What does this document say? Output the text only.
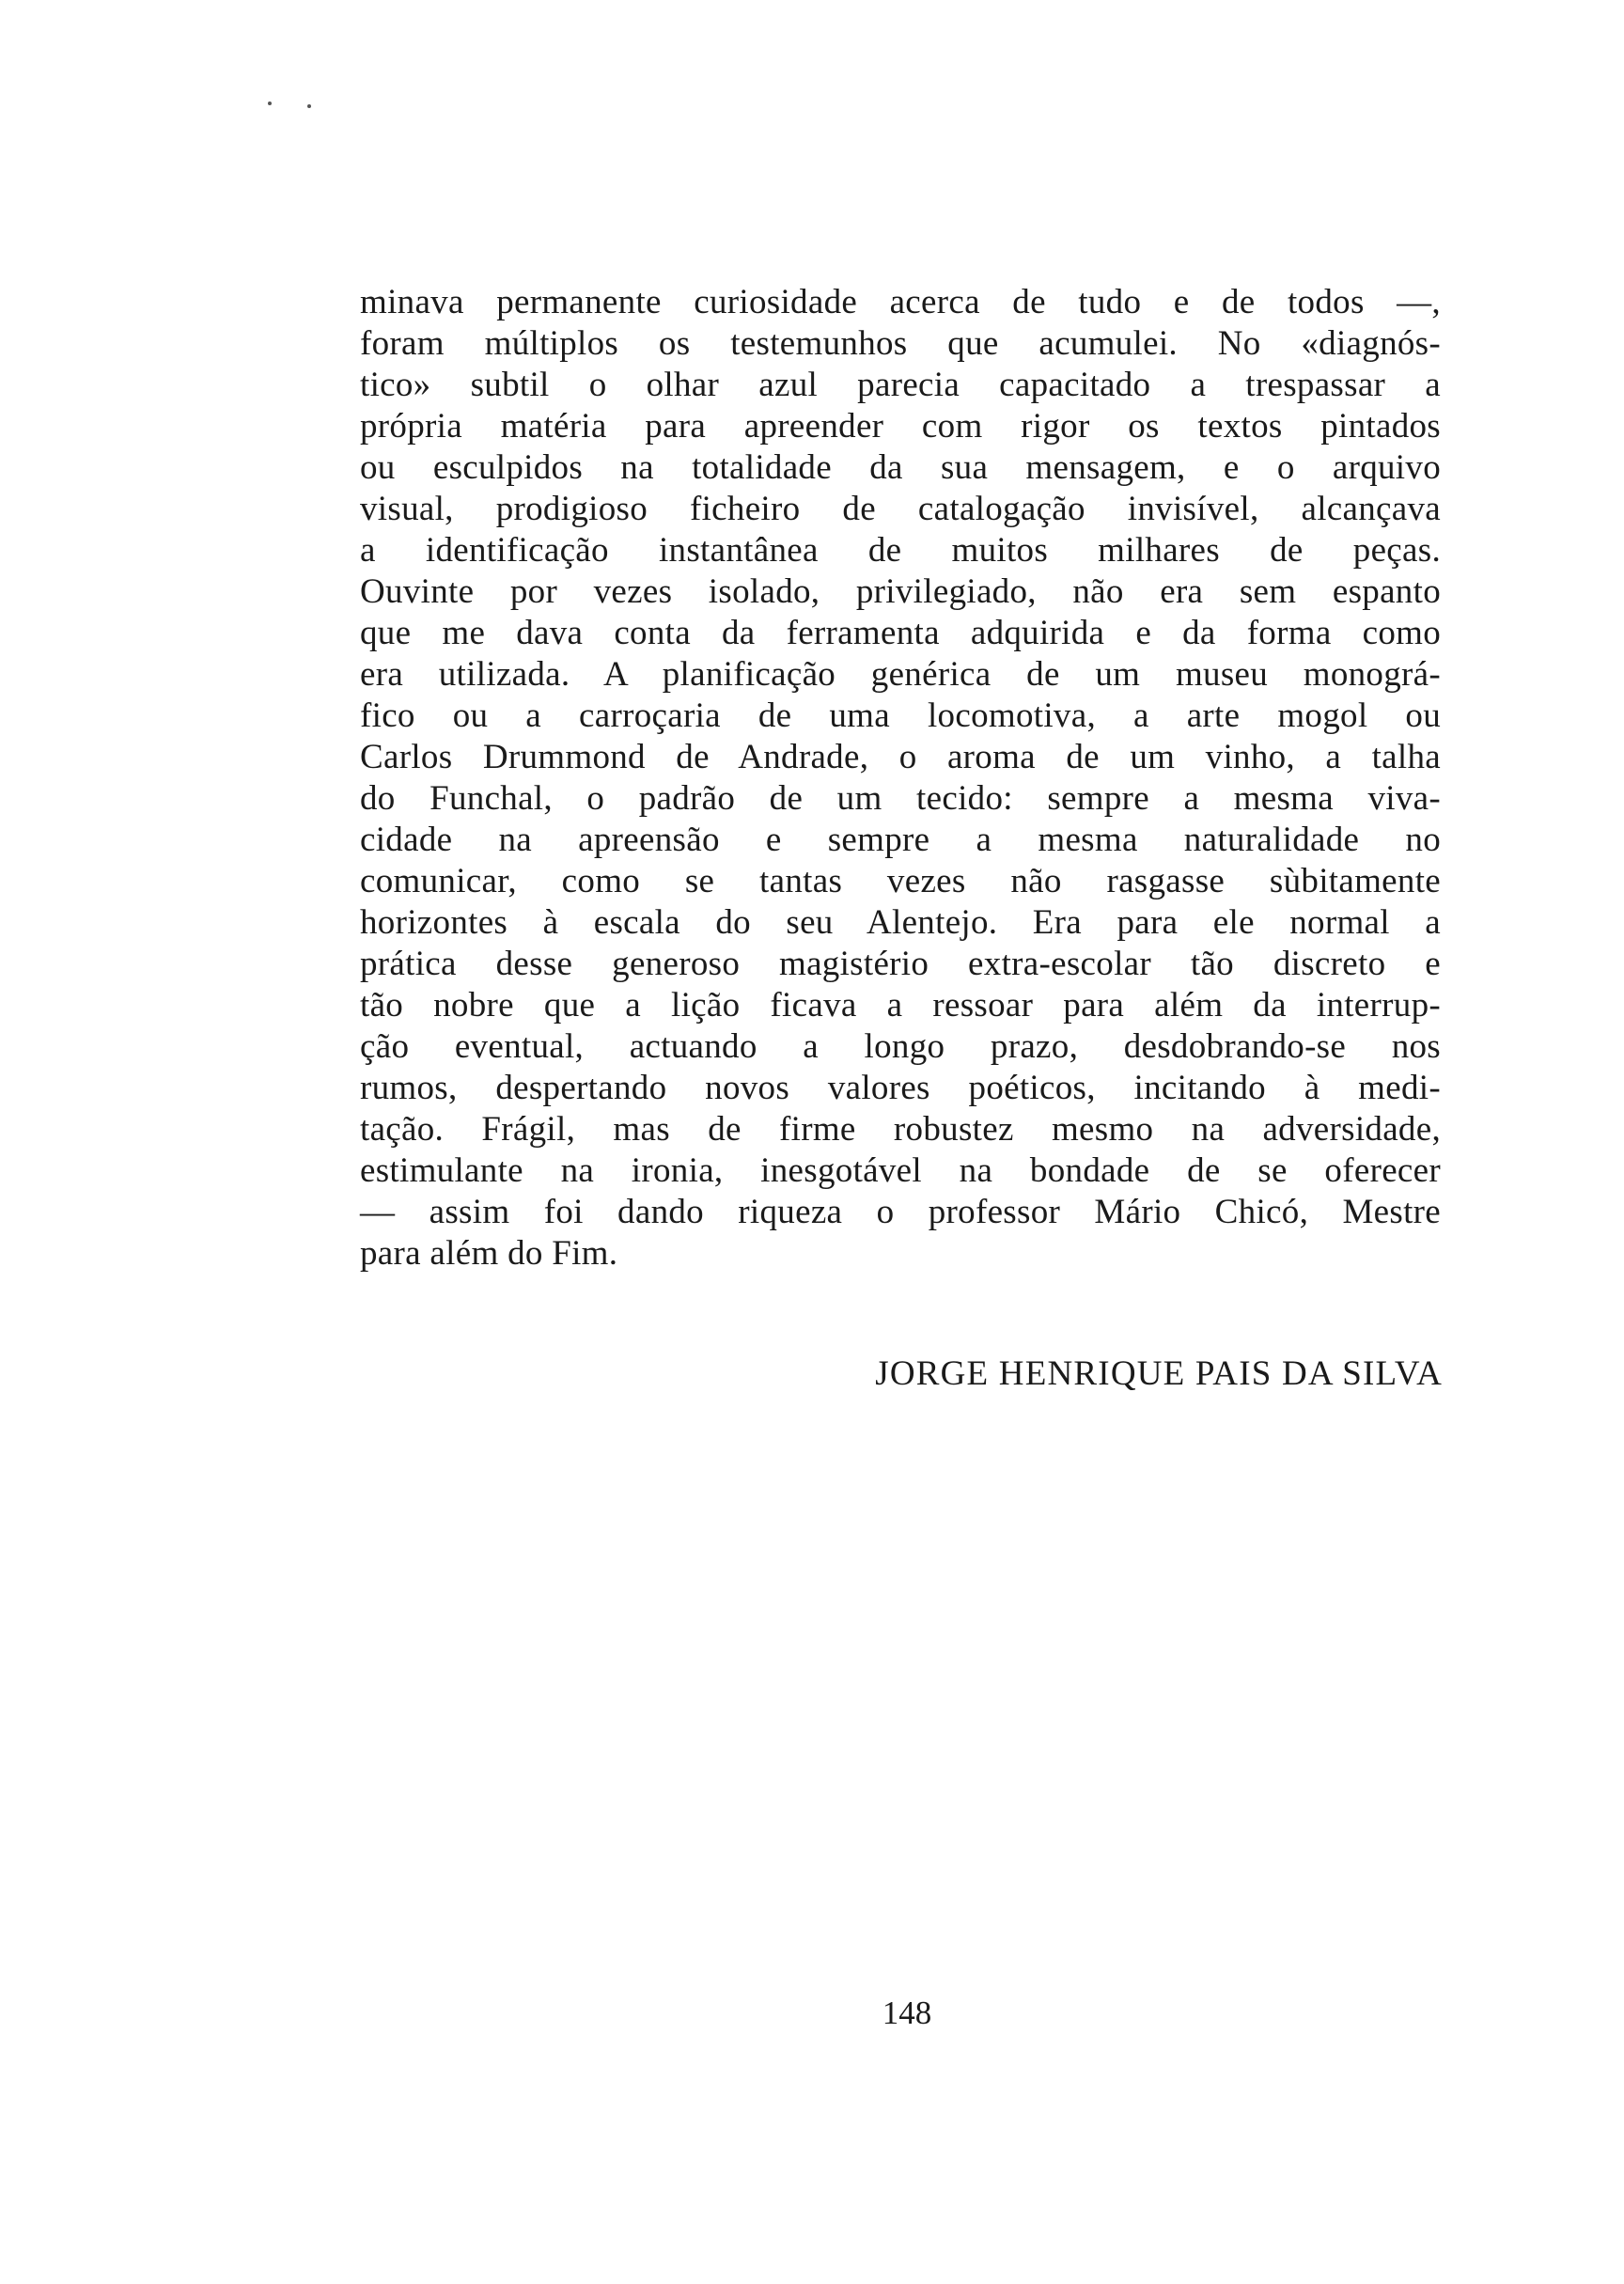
minava permanente curiosidade acerca de tudo e de todos —,
foram múltiplos os testemunhos que acumulei. No «diagnós-
tico» subtil o olhar azul parecia capacitado a trespassar a
própria matéria para apreender com rigor os textos pintados
ou esculpidos na totalidade da sua mensagem, e o arquivo
visual, prodigioso ficheiro de catalogação invisível, alcançava
a identificação instantânea de muitos milhares de peças.
Ouvinte por vezes isolado, privilegiado, não era sem espanto
que me dava conta da ferramenta adquirida e da forma como
era utilizada. A planificação genérica de um museu monográ-
fico ou a carroçaria de uma locomotiva, a arte mogol ou
Carlos Drummond de Andrade, o aroma de um vinho, a talha
do Funchal, o padrão de um tecido: sempre a mesma viva-
cidade na apreensão e sempre a mesma naturalidade no
comunicar, como se tantas vezes não rasgasse sùbitamente
horizontes à escala do seu Alentejo. Era para ele normal a
prática desse generoso magistério extra-escolar tão discreto e
tão nobre que a lição ficava a ressoar para além da interrup-
ção eventual, actuando a longo prazo, desdobrando-se nos
rumos, despertando novos valores poéticos, incitando à medi-
tação. Frágil, mas de firme robustez mesmo na adversidade,
estimulante na ironia, inesgotável na bondade de se oferecer
— assim foi dando riqueza o professor Mário Chicó, Mestre
para além do Fim.

JORGE HENRIQUE PAIS DA SILVA

148
